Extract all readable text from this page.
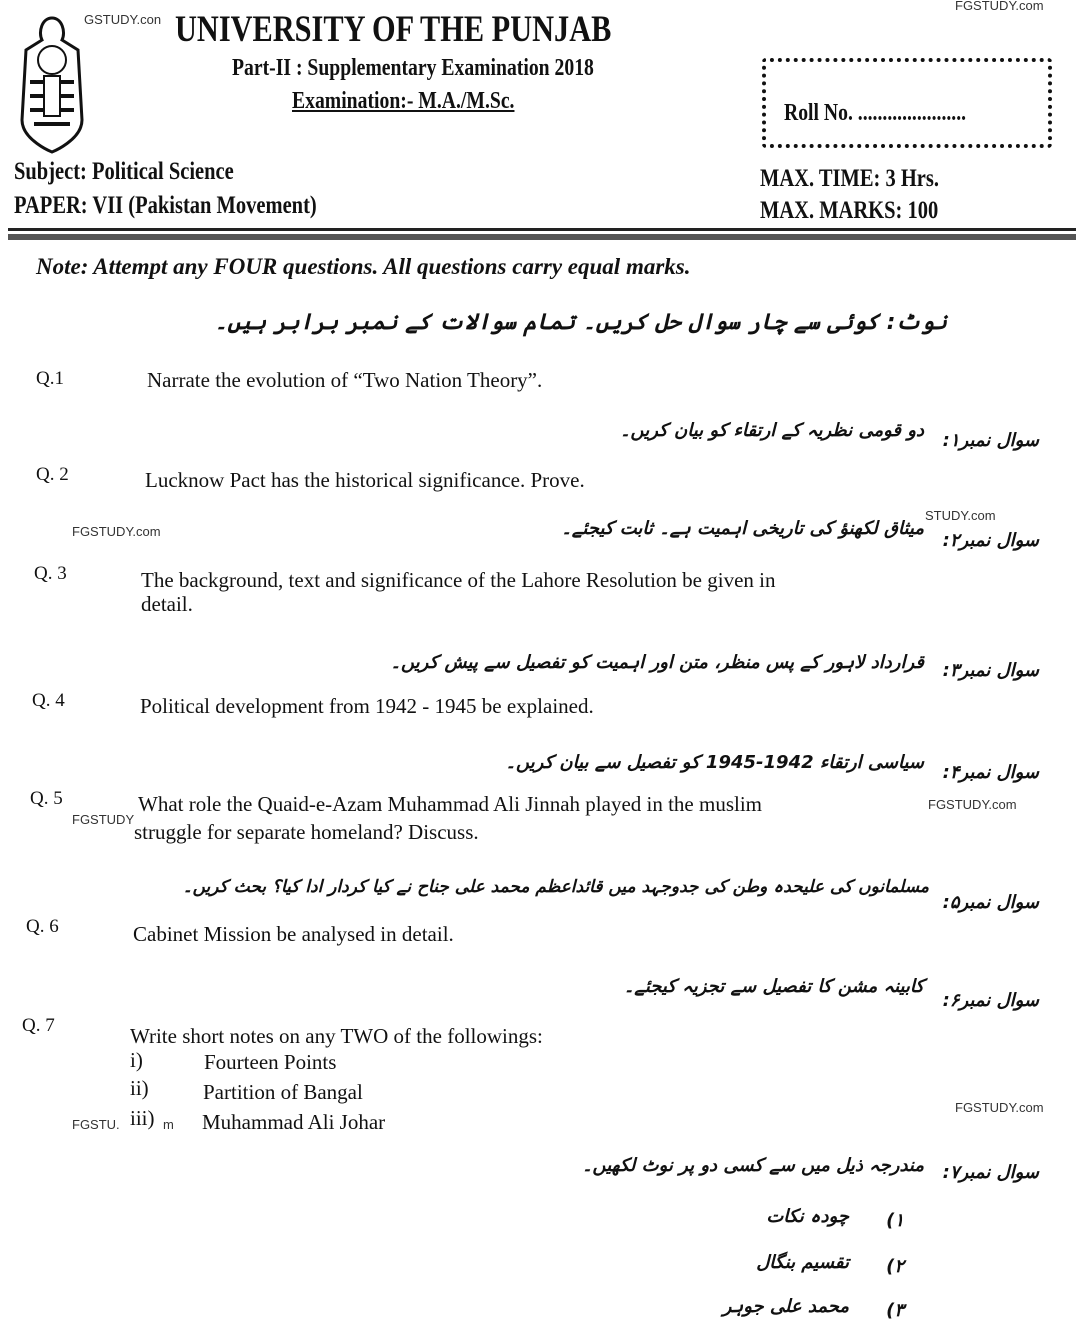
FGSTUDY.com
GSTUDY.con
FGSTUDY.com
STUDY.com
FGSTUDY.com
FGSTUDY
FGSTU.	m
FGSTUDY.com
UNIVERSITY OF THE PUNJAB
Part-II : Supplementary Examination 2018
Examination:- M.A./M.Sc.	Roll No. ......................
Subject: Political Science
PAPER: VII (Pakistan Movement)
MAX. TIME: 3 Hrs.
MAX. MARKS: 100
Note: Attempt any FOUR questions. All questions carry equal marks.
نوٹ: کوئی سے چار سوال حل کریں۔ تمام سوالات کے نمبر برابر ہیں۔
Q.1	Narrate the evolution of “Two Nation Theory”.
سوال نمبر۱:
دو قومی نظریہ کے ارتقاء کو بیان کریں۔
Q. 2	Lucknow Pact has the historical significance. Prove.
سوال نمبر۲:
میثاق لکھنؤ کی تاریخی اہمیت ہے۔ ثابت کیجئے۔
Q. 3	The background, text and significance of the Lahore Resolution be given in
detail.
سوال نمبر۳:
قرارداد لاہور کے پس منظر، متن اور اہمیت کو تفصیل سے پیش کریں۔
Q. 4	Political development from 1942 - 1945 be explained.
سوال نمبر۴:
سیاسی ارتقاء 1942-1945 کو تفصیل سے بیان کریں۔
Q. 5	What role the Quaid-e-Azam Muhammad Ali Jinnah played in the muslim
struggle for separate homeland? Discuss.
سوال نمبر۵:
مسلمانوں کی علیحدہ وطن کی جدوجہد میں قائداعظم محمد علی جناح نے کیا کردار ادا کیا؟ بحث کریں۔
Q. 6	Cabinet Mission be analysed in detail.
سوال نمبر۶:
کابینہ مشن کا تفصیل سے تجزیہ کیجئے۔
Q. 7	Write short notes on any TWO of the followings:
i)	Fourteen Points
ii)	Partition of Bangal
iii) Muhammad Ali Johar
سوال نمبر۷:
مندرجہ ذیل میں سے کسی دو پر نوٹ لکھیں۔
۱)
چودہ نکات
۲)
تقسیم بنگال
۳)
محمد علی جوہر
